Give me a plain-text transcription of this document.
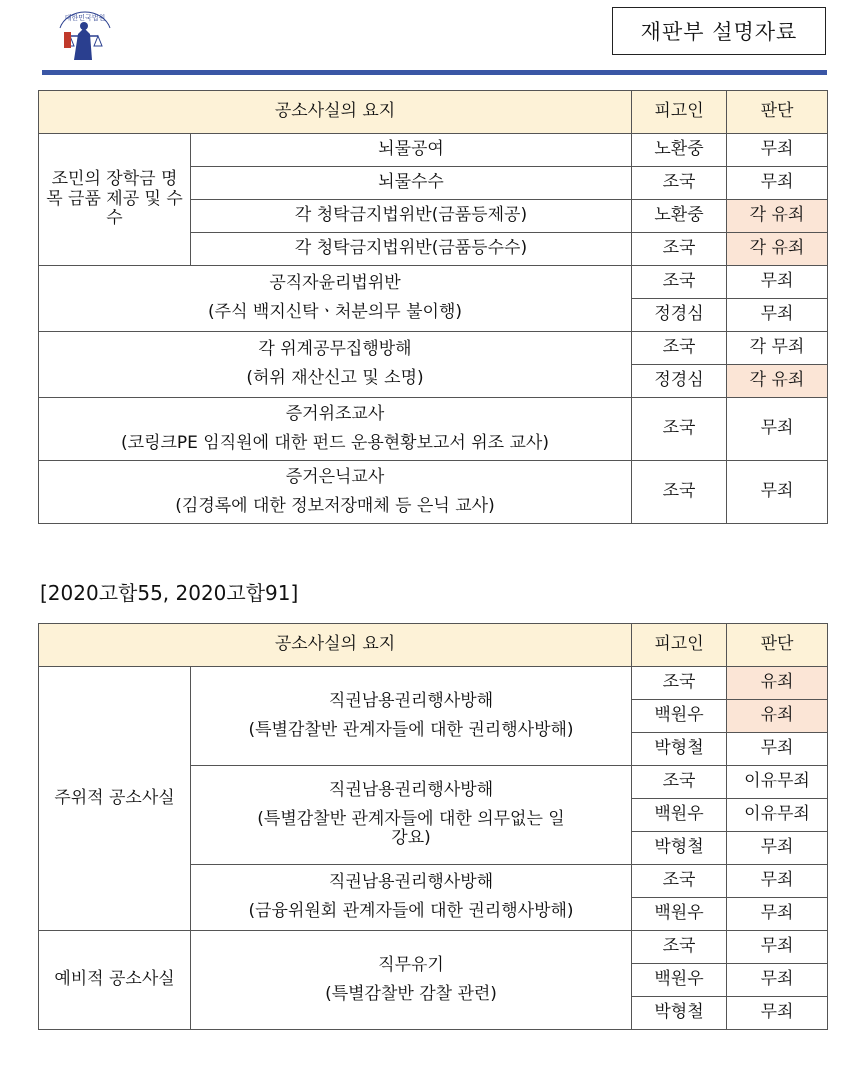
대한민국법원
재판부 설명자료
공소사실의 요지		피고인	판단
조민의 장학금 명목 금품 제공 및 수수	뇌물공여	노환중	무죄
	뇌물수수	조국	무죄
	각 청탁금지법위반(금품등제공)	노환중	각 유죄
	각 청탁금지법위반(금품등수수)	조국	각 유죄

공직자윤리법위반
(주식 백지신탁ㆍ처분의무 불이행)		조국	무죄
		정경심	무죄

각 위계공무집행방해
(허위 재산신고 및 소명)		조국	각 무죄
		정경심	각 유죄

증거위조교사
(코링크PE 임직원에 대한 펀드 운용현황보고서 위조 교사)		조국	무죄

증거은닉교사
(김경록에 대한 정보저장매체 등 은닉 교사)		조국	무죄
[2020고합55, 2020고합91]
공소사실의 요지		피고인	판단
주위적 공소사실	직권남용권리행사방해
(특별감찰반 관계자들에 대한 권리행사방해)	조국	유죄
		백원우	유죄
		박형철	무죄

	직권남용권리행사방해
(특별감찰반 관계자들에 대한 의무없는 일
강요)	조국	이유무죄
		백원우	이유무죄
		박형철	무죄

	직권남용권리행사방해
(금융위원회 관계자들에 대한 권리행사방해)	조국	무죄
		백원우	무죄
예비적 공소사실	직무유기
(특별감찰반 감찰 관련)	조국	무죄
		백원우	무죄
		박형철	무죄
